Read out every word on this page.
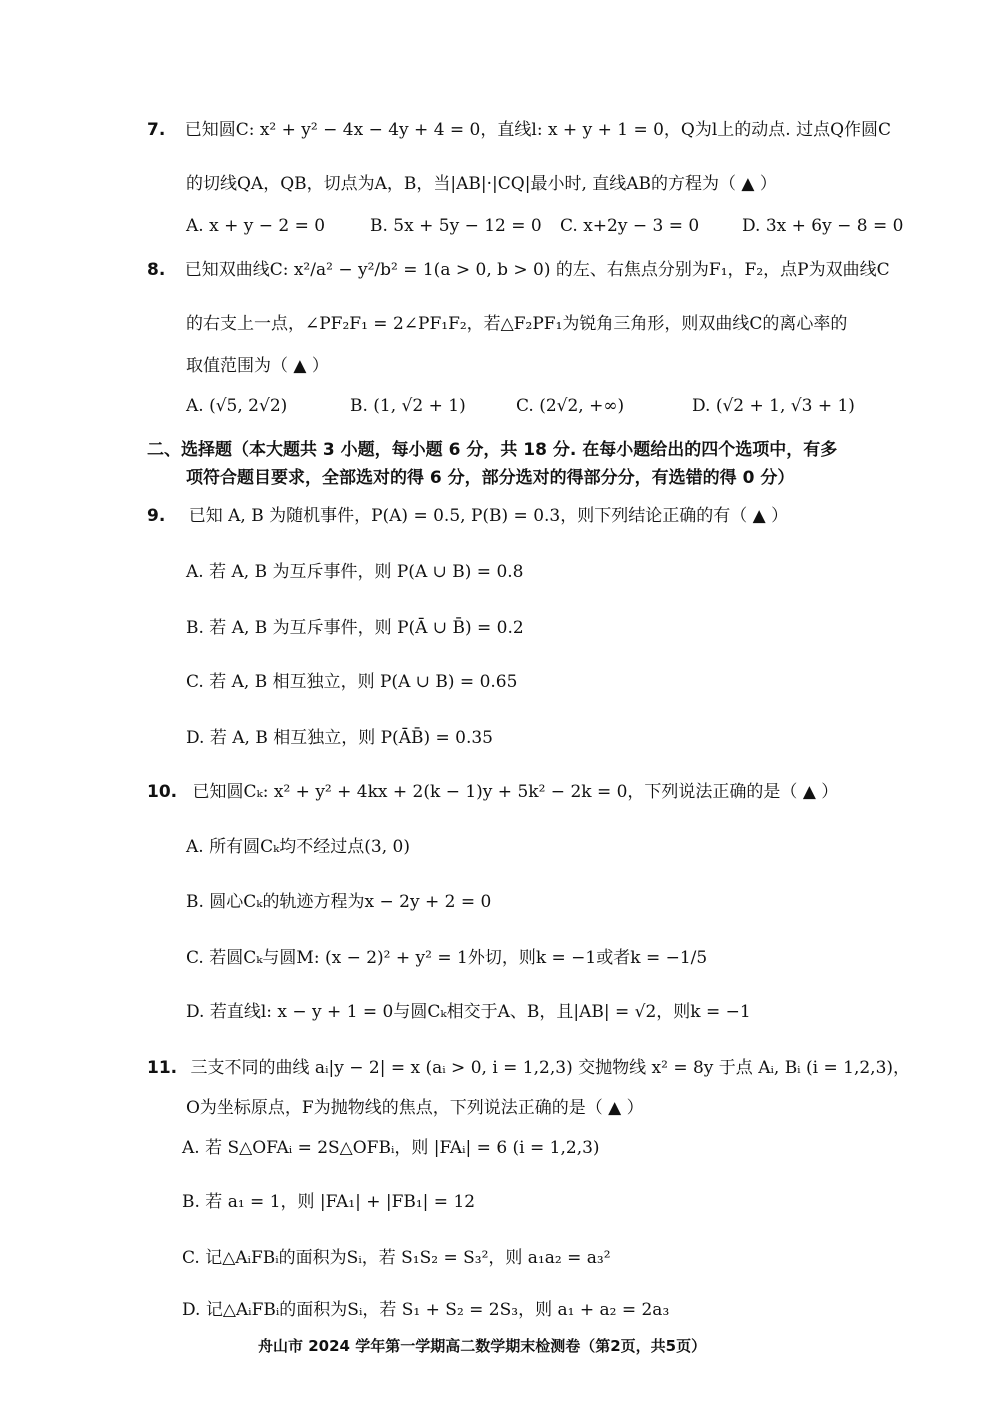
7. 已知圆C: x² + y² − 4x − 4y + 4 = 0，直线l: x + y + 1 = 0，Q为l上的动点. 过点Q作圆C
的切线QA，QB，切点为A，B，当|AB|·|CQ|最小时, 直线AB的方程为（ ▲ ）
A. x + y − 2 = 0	B. 5x + 5y − 12 = 0 C. x+2y − 3 = 0	D. 3x + 6y − 8 = 0
8. 已知双曲线C: x²/a² − y²/b² = 1(a > 0, b > 0) 的左、右焦点分别为F₁，F₂，点P为双曲线C
的右支上一点，∠PF₂F₁ = 2∠PF₁F₂，若△F₂PF₁为锐角三角形，则双曲线C的离心率的
取值范围为（ ▲ ）
A. (√5, 2√2)	B. (1, √2 + 1)	C. (2√2, +∞)	D. (√2 + 1, √3 + 1)
二、选择题（本大题共 3 小题，每小题 6 分，共 18 分. 在每小题给出的四个选项中，有多
项符合题目要求，全部选对的得 6 分，部分选对的得部分分，有选错的得 0 分）
9. 已知 A, B 为随机事件，P(A) = 0.5, P(B) = 0.3，则下列结论正确的有（ ▲ ）
A. 若 A, B 为互斥事件，则 P(A ∪ B) = 0.8
B. 若 A, B 为互斥事件，则 P(Ā ∪ B̄) = 0.2
C. 若 A, B 相互独立，则 P(A ∪ B) = 0.65
D. 若 A, B 相互独立，则 P(ĀB̄) = 0.35
10. 已知圆Cₖ: x² + y² + 4kx + 2(k − 1)y + 5k² − 2k = 0，下列说法正确的是（ ▲ ）
A. 所有圆Cₖ均不经过点(3, 0)
B. 圆心Cₖ的轨迹方程为x − 2y + 2 = 0
C. 若圆Cₖ与圆M: (x − 2)² + y² = 1外切，则k = −1或者k = −1/5
D. 若直线l: x − y + 1 = 0与圆Cₖ相交于A、B，且|AB| = √2，则k = −1
11. 三支不同的曲线 aᵢ|y − 2| = x (aᵢ > 0, i = 1,2,3) 交抛物线 x² = 8y 于点 Aᵢ, Bᵢ (i = 1,2,3)，
O为坐标原点，F为抛物线的焦点，下列说法正确的是（ ▲ ）
A. 若 S△OFAᵢ = 2S△OFBᵢ，则 |FAᵢ| = 6 (i = 1,2,3)
B. 若 a₁ = 1，则 |FA₁| + |FB₁| = 12
C. 记△AᵢFBᵢ的面积为Sᵢ，若 S₁S₂ = S₃²，则 a₁a₂ = a₃²
D. 记△AᵢFBᵢ的面积为Sᵢ，若 S₁ + S₂ = 2S₃，则 a₁ + a₂ = 2a₃
舟山市 2024 学年第一学期高二数学期末检测卷（第2页，共5页）
